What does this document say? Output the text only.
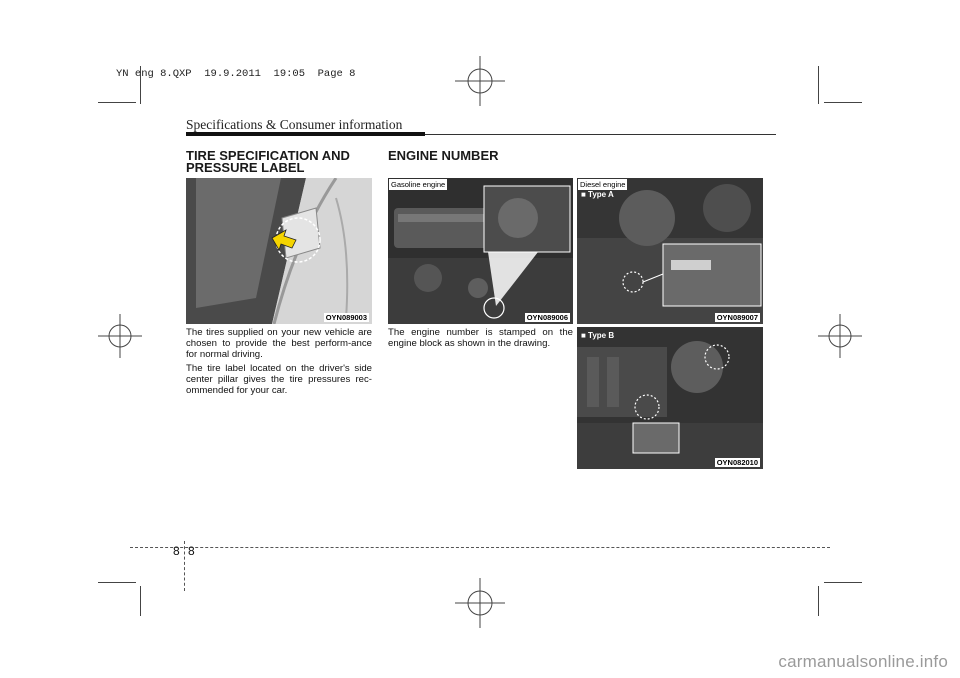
YN eng 8.QXP  19.9.2011  19:05  Page 8
Specifications & Consumer information
TIRE SPECIFICATION AND
PRESSURE LABEL
OYN089003

The tires supplied on your new vehicle are chosen to provide the best perform-ance for normal driving.

The tire label located on the driver's side center pillar gives the tire pressures rec-ommended for your car.

ENGINE NUMBER
Gasoline engine
OYN089006

The engine number is stamped on the engine block as shown in the drawing.

Diesel engine
■ Type A
OYN089007
■ Type B
OYN082010
8 8
carmanualsonline.info
